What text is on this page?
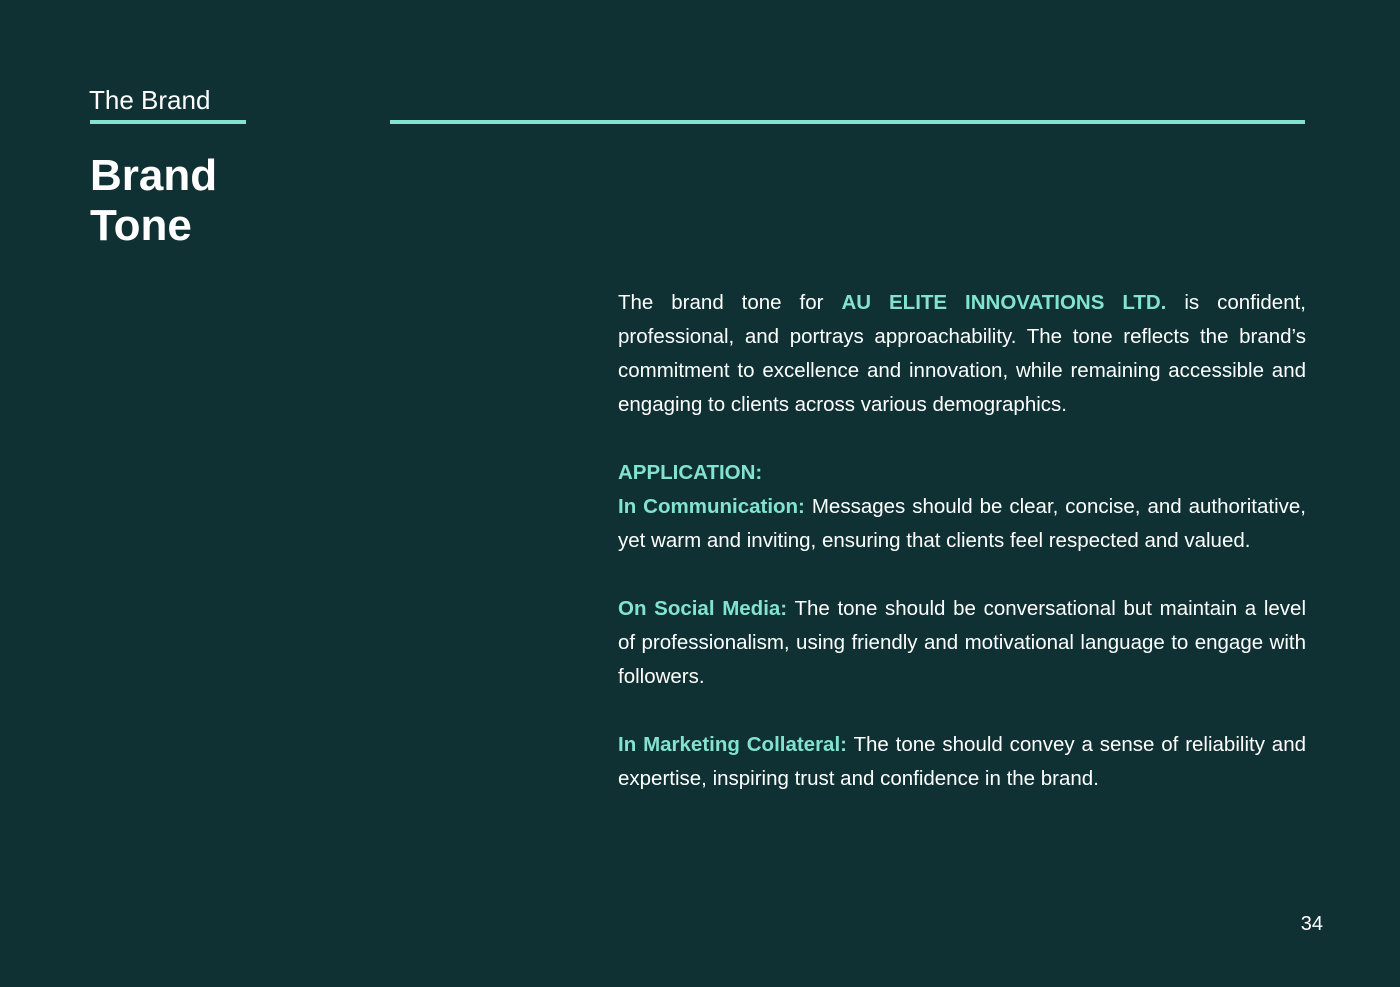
The Brand
Brand
Tone

The brand tone for AU ELITE INNOVATIONS LTD. is confident, professional, and portrays approachability. The tone reflects the brand’s commitment to excellence and innovation, while remaining accessible and engaging to clients across various demographics.

APPLICATION:

In Communication: Messages should be clear, concise, and authoritative, yet warm and inviting, ensuring that clients feel respected and valued.

On Social Media: The tone should be conversational but maintain a level of professionalism, using friendly and motivational language to engage with followers.

In Marketing Collateral: The tone should convey a sense of reliability and expertise, inspiring trust and confidence in the brand.

34
